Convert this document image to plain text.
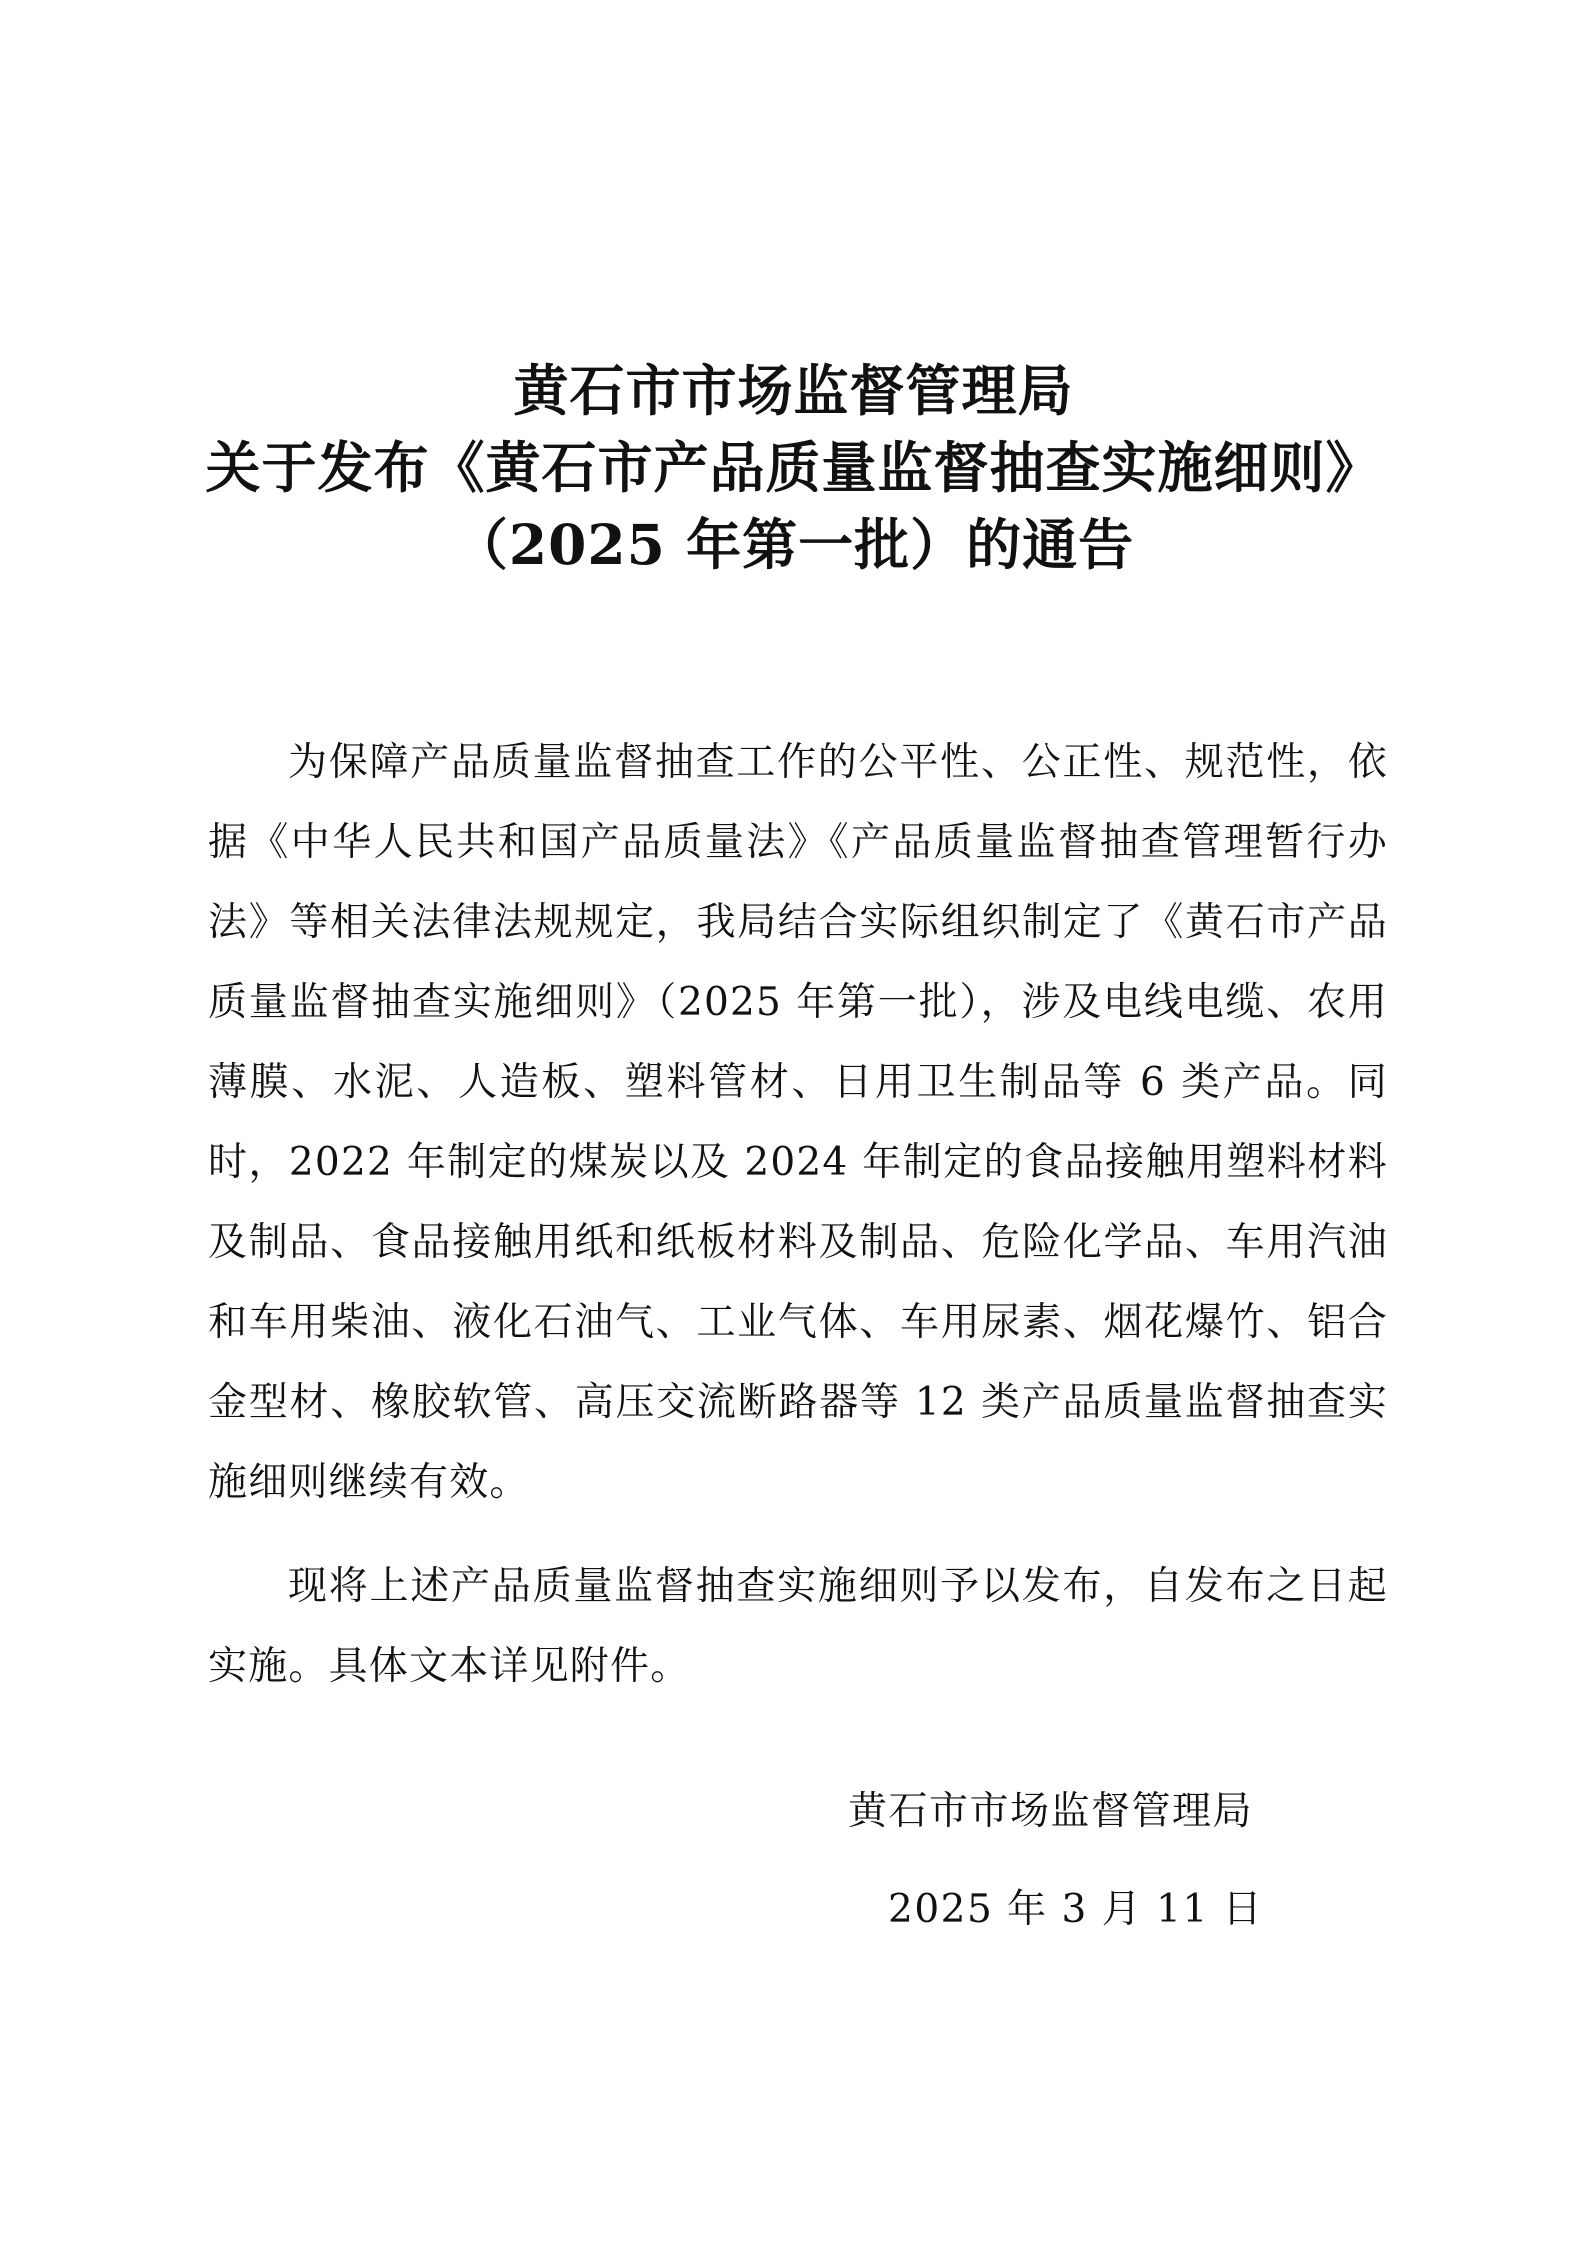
黄石市市场监督管理局
关于发布《黄石市产品质量监督抽查实施细则》
（2025 年第一批）的通告

为保障产品质量监督抽查工作的公平性、公正性、规范性，依据《中华人民共和国产品质量法》《产品质量监督抽查管理暂行办法》等相关法律法规规定，我局结合实际组织制定了《黄石市产品质量监督抽查实施细则》（2025 年第一批），涉及电线电缆、农用薄膜、水泥、人造板、塑料管材、日用卫生制品等 6 类产品。同时，2022 年制定的煤炭以及 2024 年制定的食品接触用塑料材料及制品、食品接触用纸和纸板材料及制品、危险化学品、车用汽油和车用柴油、液化石油气、工业气体、车用尿素、烟花爆竹、铝合金型材、橡胶软管、高压交流断路器等 12 类产品质量监督抽查实施细则继续有效。

现将上述产品质量监督抽查实施细则予以发布，自发布之日起实施。具体文本详见附件。

黄石市市场监督管理局
2025 年 3 月 11 日
